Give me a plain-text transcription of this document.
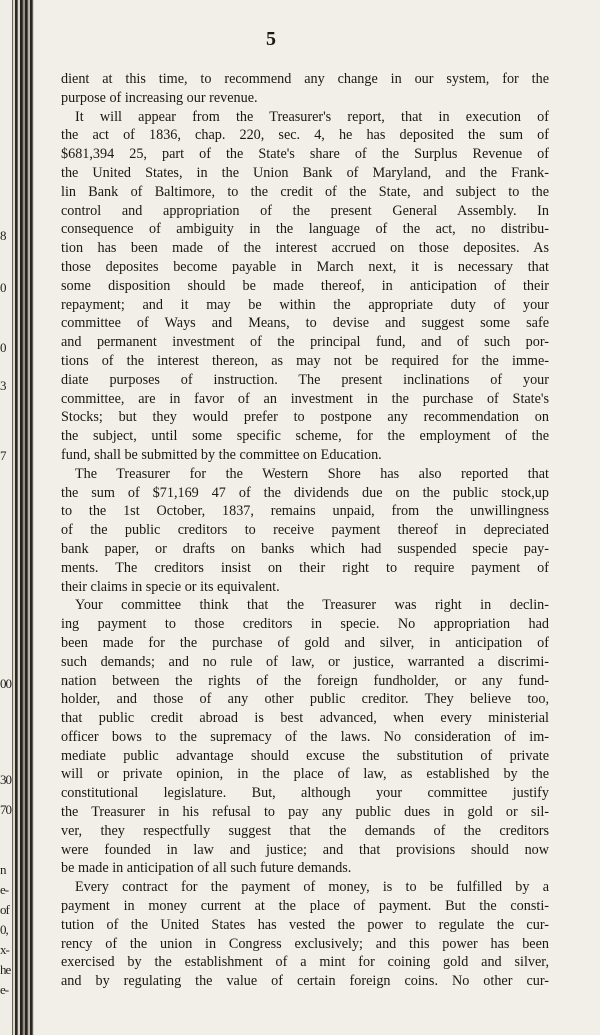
8
0
0
3
7
00
30
70
n
e-
of
0,
x-
he
e-
5
dient at this time, to recommend any change in our system, for the
purpose of increasing our revenue.
It will appear from the Treasurer's report, that in execution of
the act of 1836, chap. 220, sec. 4, he has deposited the sum of
$681,394 25, part of the State's share of the Surplus Revenue of
the United States, in the Union Bank of Maryland, and the Frank-
lin Bank of Baltimore, to the credit of the State, and subject to the
control and appropriation of the present General Assembly. In
consequence of ambiguity in the language of the act, no distribu-
tion has been made of the interest accrued on those deposites. As
those deposites become payable in March next, it is necessary that
some disposition should be made thereof, in anticipation of their
repayment; and it may be within the appropriate duty of your
committee of Ways and Means, to devise and suggest some safe
and permanent investment of the principal fund, and of such por-
tions of the interest thereon, as may not be required for the imme-
diate purposes of instruction. The present inclinations of your
committee, are in favor of an investment in the purchase of State's
Stocks; but they would prefer to postpone any recommendation on
the subject, until some specific scheme, for the employment of the
fund, shall be submitted by the committee on Education.
The Treasurer for the Western Shore has also reported that
the sum of $71,169 47 of the dividends due on the public stock,up
to the 1st October, 1837, remains unpaid, from the unwillingness
of the public creditors to receive payment thereof in depreciated
bank paper, or drafts on banks which had suspended specie pay-
ments. The creditors insist on their right to require payment of
their claims in specie or its equivalent.
Your committee think that the Treasurer was right in declin-
ing payment to those creditors in specie. No appropriation had
been made for the purchase of gold and silver, in anticipation of
such demands; and no rule of law, or justice, warranted a discrimi-
nation between the rights of the foreign fundholder, or any fund-
holder, and those of any other public creditor. They believe too,
that public credit abroad is best advanced, when every ministerial
officer bows to the supremacy of the laws. No consideration of im-
mediate public advantage should excuse the substitution of private
will or private opinion, in the place of law, as established by the
constitutional legislature. But, although your committee justify
the Treasurer in his refusal to pay any public dues in gold or sil-
ver, they respectfully suggest that the demands of the creditors
were founded in law and justice; and that provisions should now
be made in anticipation of all such future demands.
Every contract for the payment of money, is to be fulfilled by a
payment in money current at the place of payment. But the consti-
tution of the United States has vested the power to regulate the cur-
rency of the union in Congress exclusively; and this power has been
exercised by the establishment of a mint for coining gold and silver,
and by regulating the value of certain foreign coins. No other cur-
